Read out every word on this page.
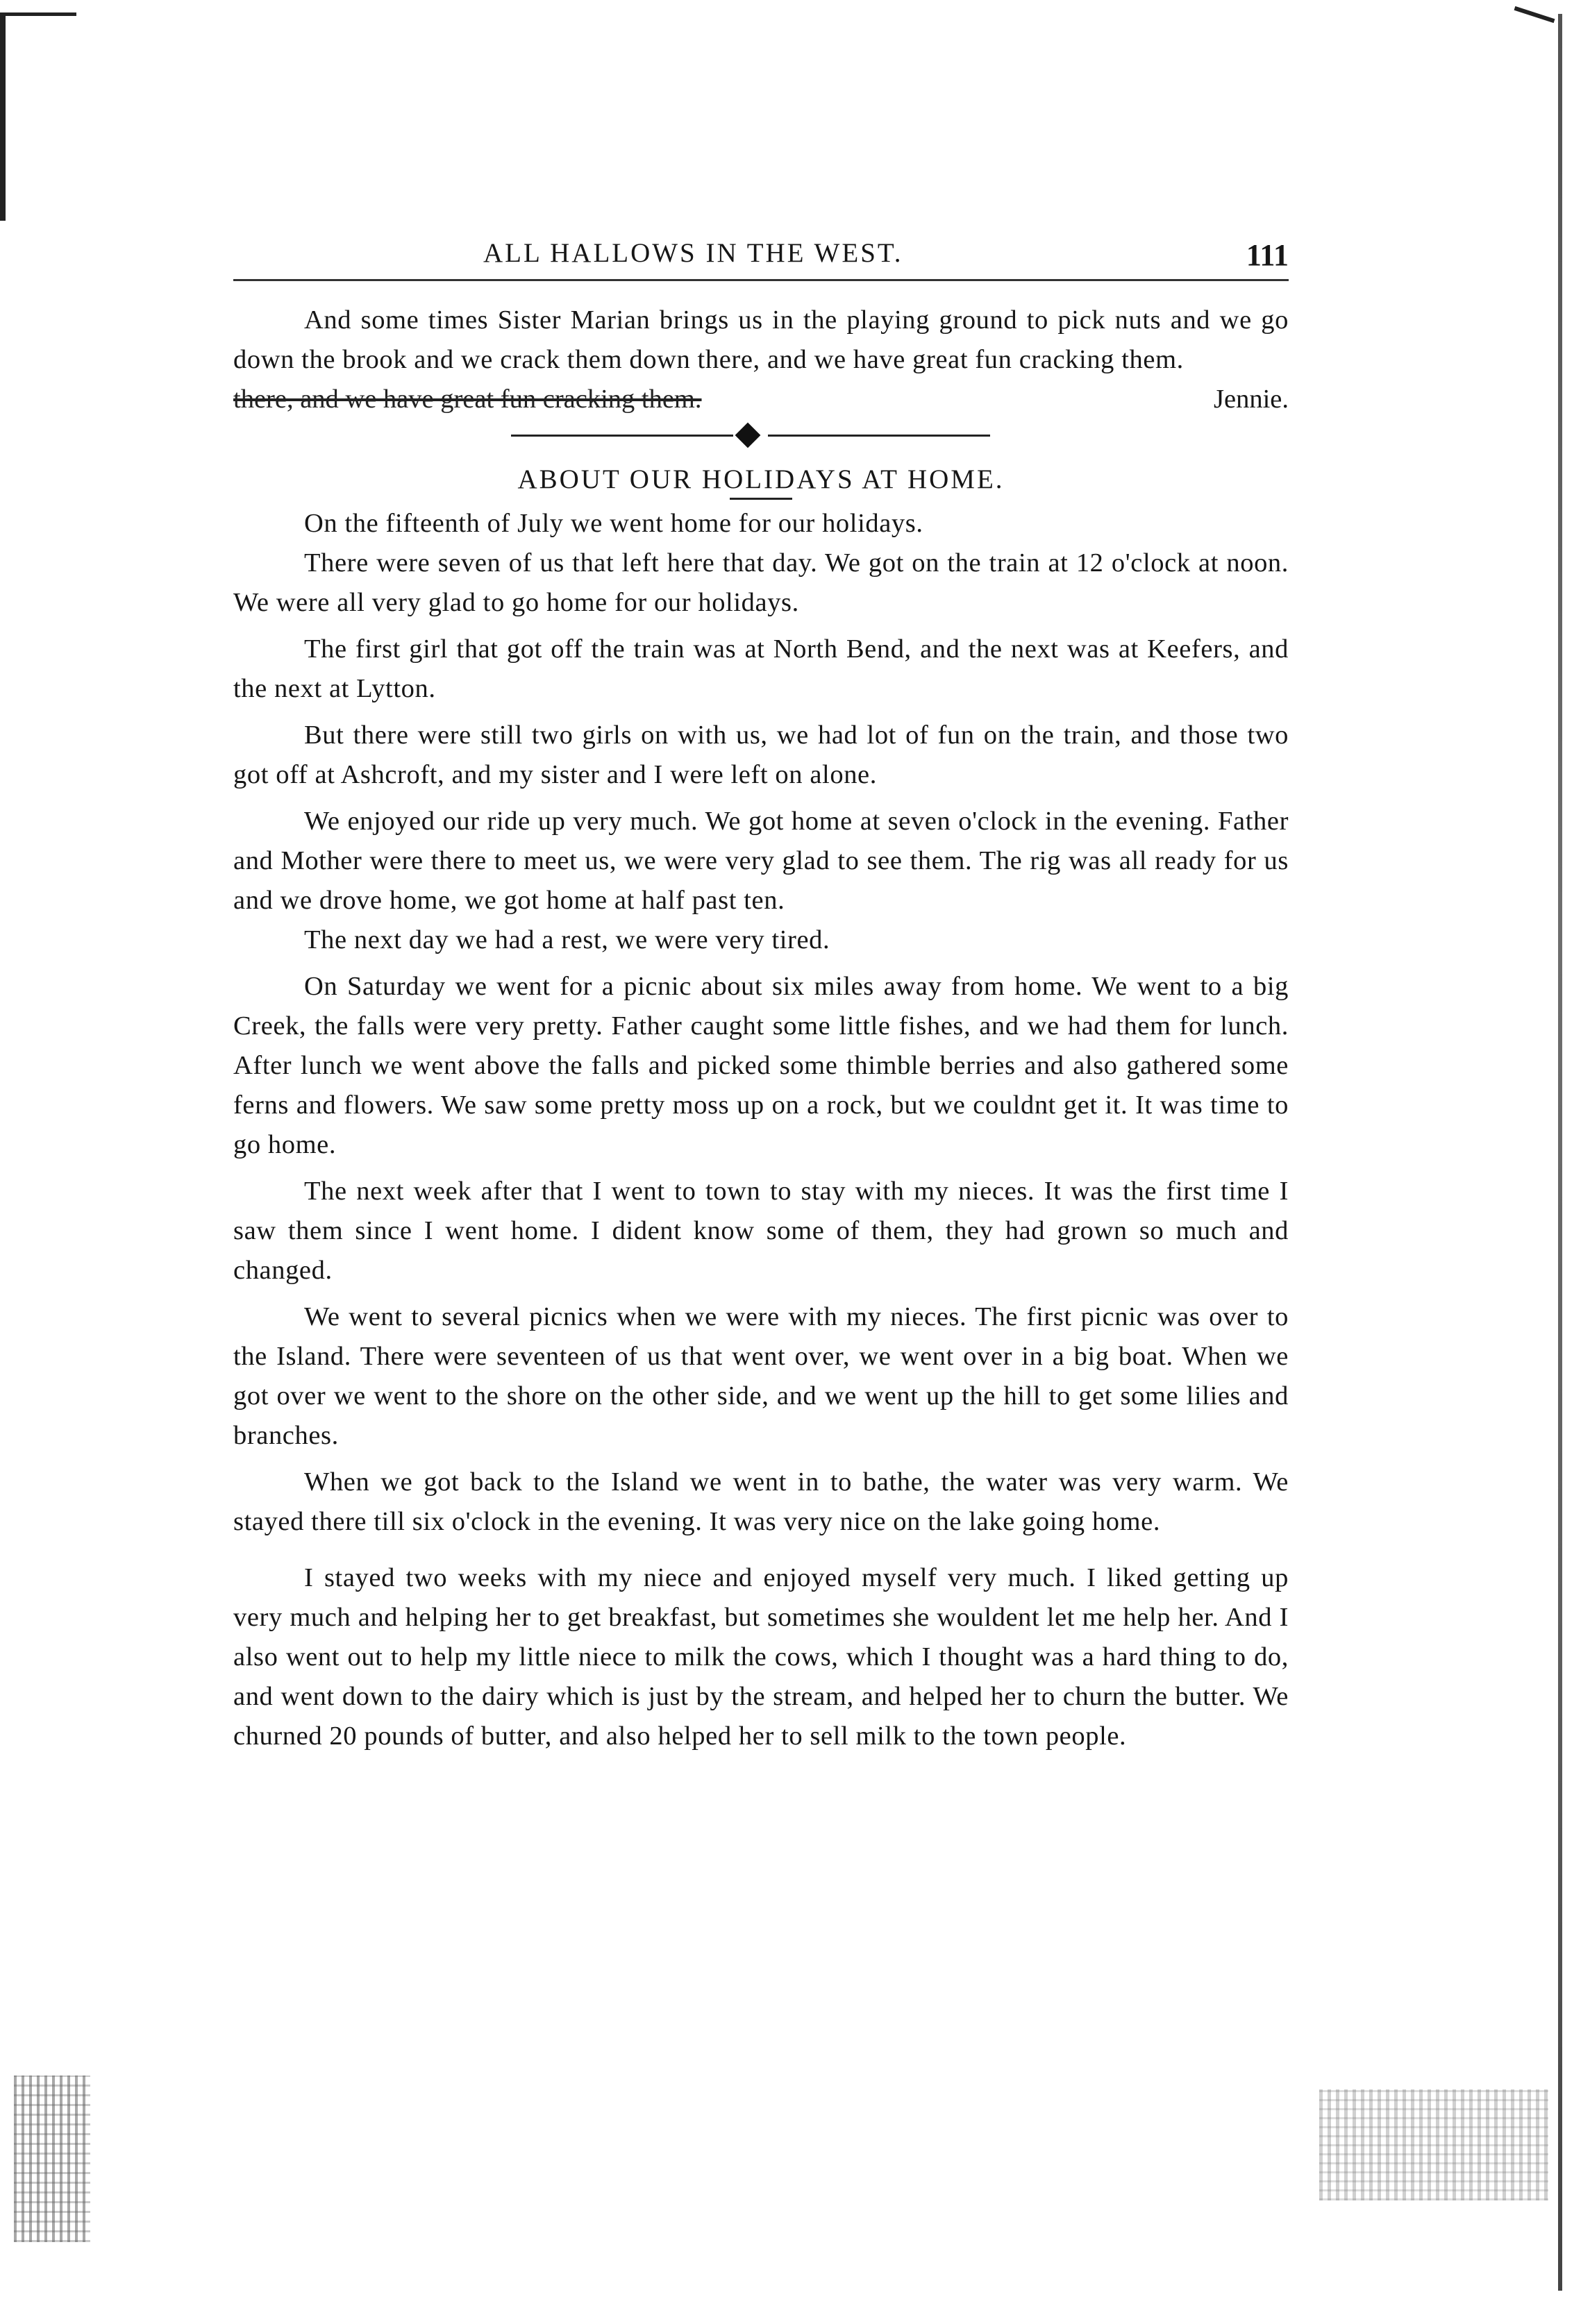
ALL HALLOWS IN THE WEST.	111

And some times Sister Marian brings us in the playing ground to pick nuts and we go down the brook and we crack them down there, and we have great fun cracking them.

there, and we have great fun cracking them.	Jennie.
ABOUT OUR HOLIDAYS AT HOME.

On the fifteenth of July we went home for our holidays.

There were seven of us that left here that day. We got on the train at 12 o'clock at noon. We were all very glad to go home for our holidays.

The first girl that got off the train was at North Bend, and the next was at Keefers, and the next at Lytton.

But there were still two girls on with us, we had lot of fun on the train, and those two got off at Ashcroft, and my sister and I were left on alone.

We enjoyed our ride up very much. We got home at seven o'clock in the evening. Father and Mother were there to meet us, we were very glad to see them. The rig was all ready for us and we drove home, we got home at half past ten.

The next day we had a rest, we were very tired.

On Saturday we went for a picnic about six miles away from home. We went to a big Creek, the falls were very pretty. Father caught some little fishes, and we had them for lunch. After lunch we went above the falls and picked some thimble berries and also gathered some ferns and flowers. We saw some pretty moss up on a rock, but we couldnt get it. It was time to go home.

The next week after that I went to town to stay with my nieces. It was the first time I saw them since I went home. I dident know some of them, they had grown so much and changed.

We went to several picnics when we were with my nieces. The first picnic was over to the Island. There were seventeen of us that went over, we went over in a big boat. When we got over we went to the shore on the other side, and we went up the hill to get some lilies and branches.

When we got back to the Island we went in to bathe, the water was very warm. We stayed there till six o'clock in the evening. It was very nice on the lake going home.

I stayed two weeks with my niece and enjoyed myself very much. I liked getting up very much and helping her to get breakfast, but sometimes she wouldent let me help her. And I also went out to help my little niece to milk the cows, which I thought was a hard thing to do, and went down to the dairy which is just by the stream, and helped her to churn the butter. We churned 20 pounds of butter, and also helped her to sell milk to the town people.
